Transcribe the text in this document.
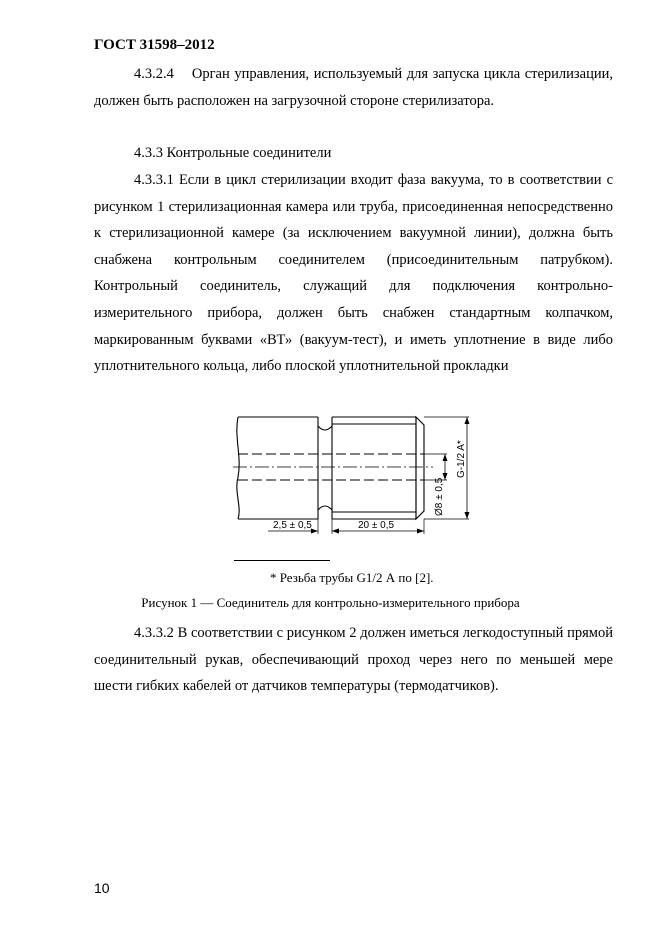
ГОСТ 31598–2012
4.3.2.4 Орган управления, используемый для запуска цикла стерилизации, должен быть расположен на загрузочной стороне стерилизатора.
4.3.3 Контрольные соединители
4.3.3.1 Если в цикл стерилизации входит фаза вакуума, то в соответствии с рисунком 1 стерилизационная камера или труба, присоединенная непосредственно к стерилизационной камере (за исключением вакуумной линии), должна быть снабжена контрольным соединителем (присоединительным патрубком). Контрольный соединитель, служащий для подключения контрольно-измерительного прибора, должен быть снабжен стандартным колпачком, маркированным буквами «ВТ» (вакуум-тест), и иметь уплотнение в виде либо уплотнительного кольца, либо плоской уплотнительной прокладки
2,5 ± 0,5	20 ± 0,5
Ø8 ± 0,5
G-1/2 A*
* Резьба трубы G1/2 А по [2].
Рисунок 1 — Соединитель для контрольно-измерительного прибора
4.3.3.2 В соответствии с рисунком 2 должен иметься легкодоступный прямой соединительный рукав, обеспечивающий проход через него по меньшей мере шести гибких кабелей от датчиков температуры (термодатчиков).
10
